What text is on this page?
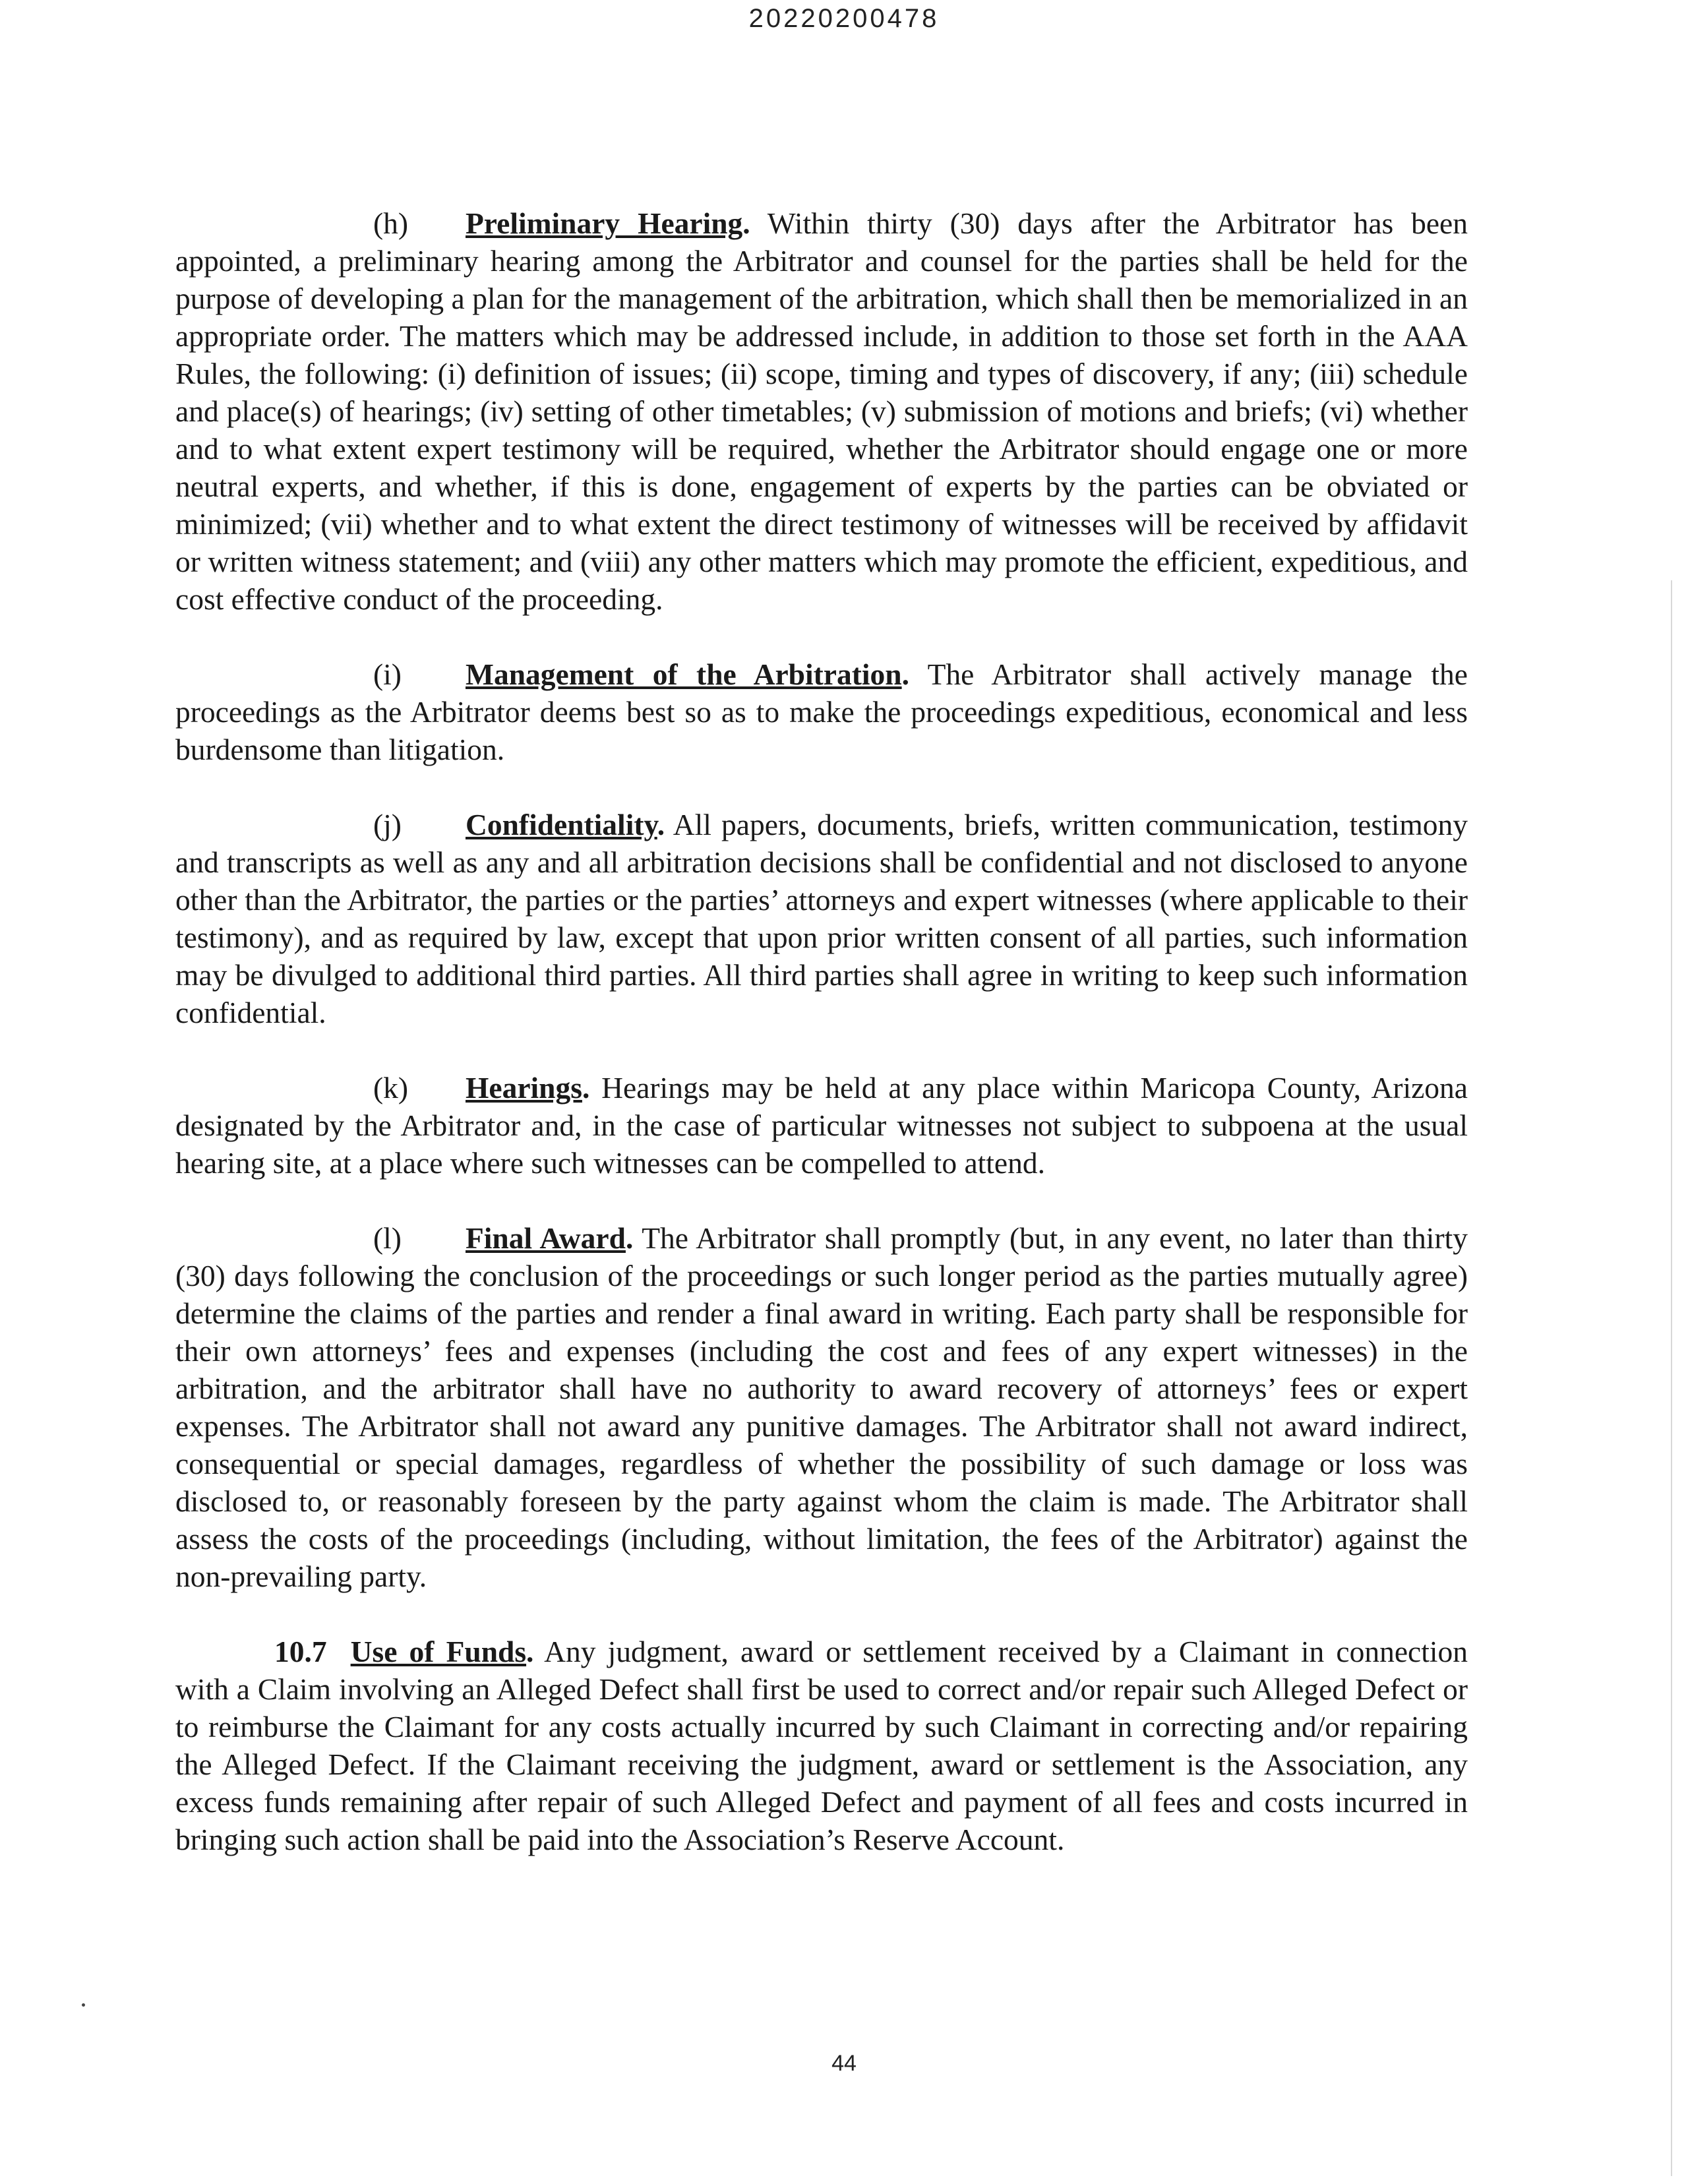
20220200478

(h) Preliminary Hearing. Within thirty (30) days after the Arbitrator has been appointed, a preliminary hearing among the Arbitrator and counsel for the parties shall be held for the purpose of developing a plan for the management of the arbitration, which shall then be memorialized in an appropriate order. The matters which may be addressed include, in addition to those set forth in the AAA Rules, the following: (i) definition of issues; (ii) scope, timing and types of discovery, if any; (iii) schedule and place(s) of hearings; (iv) setting of other timetables; (v) submission of motions and briefs; (vi) whether and to what extent expert testimony will be required, whether the Arbitrator should engage one or more neutral experts, and whether, if this is done, engagement of experts by the parties can be obviated or minimized; (vii) whether and to what extent the direct testimony of witnesses will be received by affidavit or written witness statement; and (viii) any other matters which may promote the efficient, expeditious, and cost effective conduct of the proceeding.

(i) Management of the Arbitration. The Arbitrator shall actively manage the proceedings as the Arbitrator deems best so as to make the proceedings expeditious, economical and less burdensome than litigation.

(j) Confidentiality. All papers, documents, briefs, written communication, testimony and transcripts as well as any and all arbitration decisions shall be confidential and not disclosed to anyone other than the Arbitrator, the parties or the parties’ attorneys and expert witnesses (where applicable to their testimony), and as required by law, except that upon prior written consent of all parties, such information may be divulged to additional third parties. All third parties shall agree in writing to keep such information confidential.

(k) Hearings. Hearings may be held at any place within Maricopa County, Arizona designated by the Arbitrator and, in the case of particular witnesses not subject to subpoena at the usual hearing site, at a place where such witnesses can be compelled to attend.

(l) Final Award. The Arbitrator shall promptly (but, in any event, no later than thirty (30) days following the conclusion of the proceedings or such longer period as the parties mutually agree) determine the claims of the parties and render a final award in writing. Each party shall be responsible for their own attorneys’ fees and expenses (including the cost and fees of any expert witnesses) in the arbitration, and the arbitrator shall have no authority to award recovery of attorneys’ fees or expert expenses. The Arbitrator shall not award any punitive damages. The Arbitrator shall not award indirect, consequential or special damages, regardless of whether the possibility of such damage or loss was disclosed to, or reasonably foreseen by the party against whom the claim is made. The Arbitrator shall assess the costs of the proceedings (including, without limitation, the fees of the Arbitrator) against the non-prevailing party.

10.7 Use of Funds. Any judgment, award or settlement received by a Claimant in connection with a Claim involving an Alleged Defect shall first be used to correct and/or repair such Alleged Defect or to reimburse the Claimant for any costs actually incurred by such Claimant in correcting and/or repairing the Alleged Defect. If the Claimant receiving the judgment, award or settlement is the Association, any excess funds remaining after repair of such Alleged Defect and payment of all fees and costs incurred in bringing such action shall be paid into the Association’s Reserve Account.

44
